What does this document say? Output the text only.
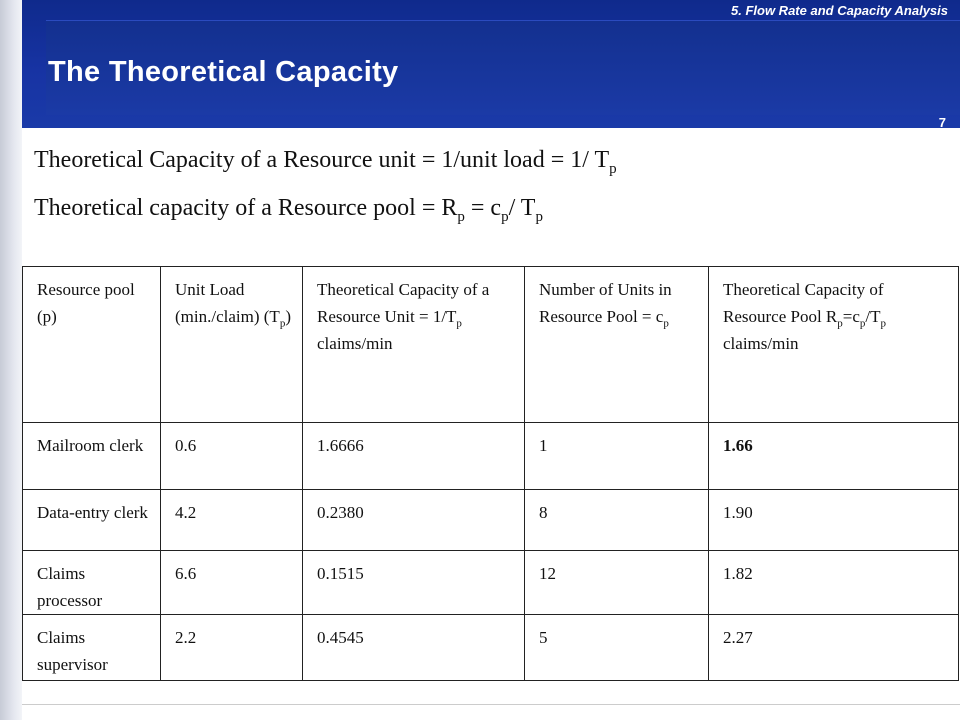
5. Flow Rate and Capacity Analysis
The Theoretical Capacity
7
Theoretical Capacity of a Resource unit = 1/unit load = 1/ $T_p$
Theoretical capacity of a Resource pool = $R_p = c_p/$ $T_p$
Resource pool (p)	Unit Load (min./claim) $(T_p)$	Theoretical Capacity of a Resource Unit = $1/T_p$ claims/min	Number of Units in Resource Pool = $c_p$	Theoretical Capacity of Resource Pool $R_p=c_p/T_p$ claims/min
Mailroom clerk	0.6	1.6666	1	1.66
Data-entry clerk	4.2	0.2380	8	1.90
Claims processor	6.6	0.1515	12	1.82
Claims supervisor	2.2	0.4545	5	2.27
